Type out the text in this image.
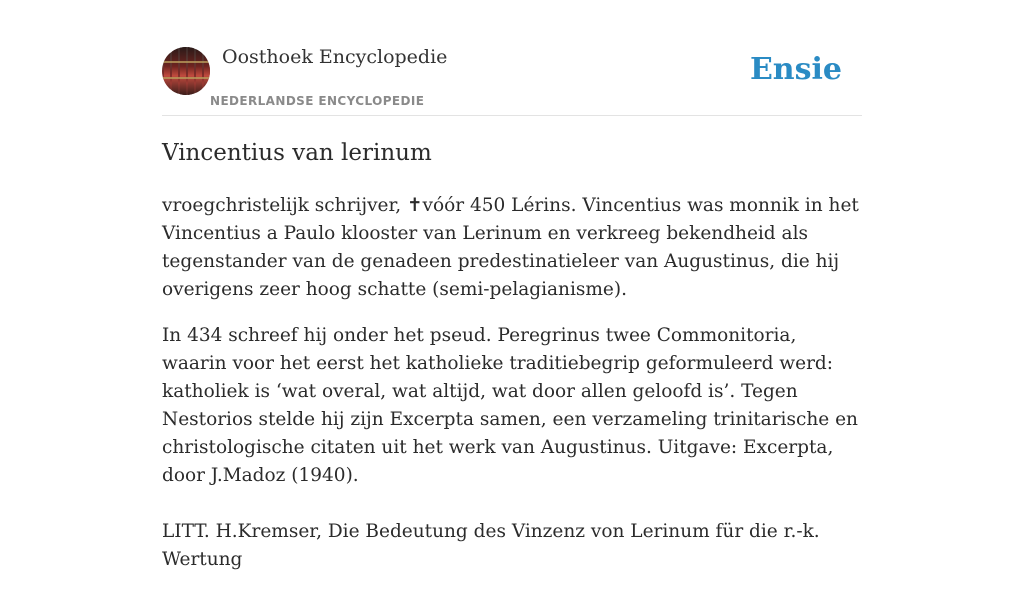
Oosthoek Encyclopedie
NEDERLANDSE ENCYCLOPEDIE
Ensie
Vincentius van lerinum

vroegchristelijk schrijver, ✝vóór 450 Lérins. Vincentius was monnik in het Vincentius a Paulo klooster van Lerinum en verkreeg bekendheid als tegenstander van de genadeen predestinatieleer van Augustinus, die hij overigens zeer hoog schatte (semi-pelagianisme).

In 434 schreef hij onder het pseud. Peregrinus twee Commonitoria, waarin voor het eerst het katholieke traditiebegrip geformuleerd werd: katholiek is ‘wat overal, wat altijd, wat door allen geloofd is’. Tegen Nestorios stelde hij zijn Excerpta samen, een verzameling trinitarische en christologische citaten uit het werk van Augustinus. Uitgave: Excerpta, door J.Madoz (1940).

LITT. H.Kremser, Die Bedeutung des Vinzenz von Lerinum für die r.-k. Wertung
